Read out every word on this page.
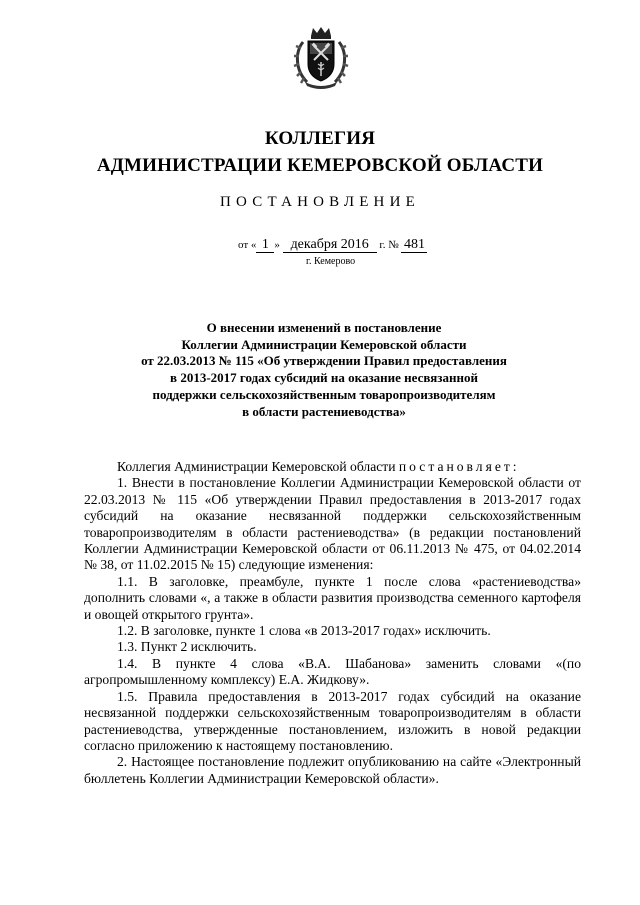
КОЛЛЕГИЯ
АДМИНИСТРАЦИИ КЕМЕРОВСКОЙ ОБЛАСТИ
ПОСТАНОВЛЕНИЕ
от « 1 » декабря 2016 г. № 481
г. Кемерово
О внесении изменений в постановление
Коллегии Администрации Кемеровской области
от 22.03.2013 № 115 «Об утверждении Правил предоставления
в 2013-2017 годах субсидий на оказание несвязанной
поддержки сельскохозяйственным товаропроизводителям
в области растениеводства»

Коллегия Администрации Кемеровской области постановляет:

1. Внести в постановление Коллегии Администрации Кемеровской области от 22.03.2013 № 115 «Об утверждении Правил предоставления в 2013-2017 годах субсидий на оказание несвязанной поддержки сельскохозяйственным товаропроизводителям в области растениеводства» (в редакции постановлений Коллегии Администрации Кемеровской области от 06.11.2013 № 475, от 04.02.2014 № 38, от 11.02.2015 № 15) следующие изменения:

1.1. В заголовке, преамбуле, пункте 1 после слова «растениеводства» дополнить словами «, а также в области развития производства семенного картофеля и овощей открытого грунта».

1.2. В заголовке, пункте 1 слова «в 2013-2017 годах» исключить.

1.3. Пункт 2 исключить.

1.4. В пункте 4 слова «В.А. Шабанова» заменить словами «(по агропромышленному комплексу) Е.А. Жидкову».

1.5. Правила предоставления в 2013-2017 годах субсидий на оказание несвязанной поддержки сельскохозяйственным товаропроизводителям в области растениеводства, утвержденные постановлением, изложить в новой редакции согласно приложению к настоящему постановлению.

2. Настоящее постановление подлежит опубликованию на сайте «Электронный бюллетень Коллегии Администрации Кемеровской области».
